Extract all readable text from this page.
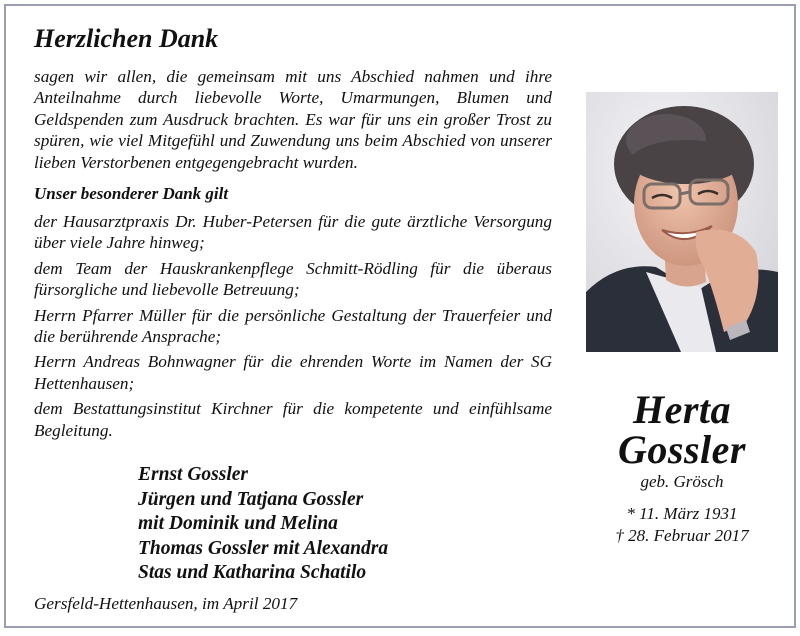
Herzlichen Dank
sagen wir allen, die gemeinsam mit uns Abschied nahmen und ihre Anteilnahme durch liebevolle Worte, Umarmungen, Blumen und Geldspenden zum Ausdruck brachten. Es war für uns ein großer Trost zu spüren, wie viel Mitgefühl und Zuwendung uns beim Abschied von unserer lieben Verstorbenen entgegengebracht wurden.
Unser besonderer Dank gilt

der Hausarztpraxis Dr. Huber-Petersen für die gute ärztliche Versorgung über viele Jahre hinweg;

dem Team der Hauskrankenpflege Schmitt-Rödling für die überaus fürsorgliche und liebevolle Betreuung;

Herrn Pfarrer Müller für die persönliche Gestaltung der Trauerfeier und die berührende Ansprache;

Herrn Andreas Bohnwagner für die ehrenden Worte im Namen der SG Hettenhausen;

dem Bestattungsinstitut Kirchner für die kompetente und einfühlsame Begleitung.

Ernst Gossler
Jürgen und Tatjana Gossler
mit Dominik und Melina
Thomas Gossler mit Alexandra
Stas und Katharina Schatilo
Gersfeld-Hettenhausen, im April 2017
Herta
Gossler
geb. Grösch
* 11. März 1931
† 28. Februar 2017
